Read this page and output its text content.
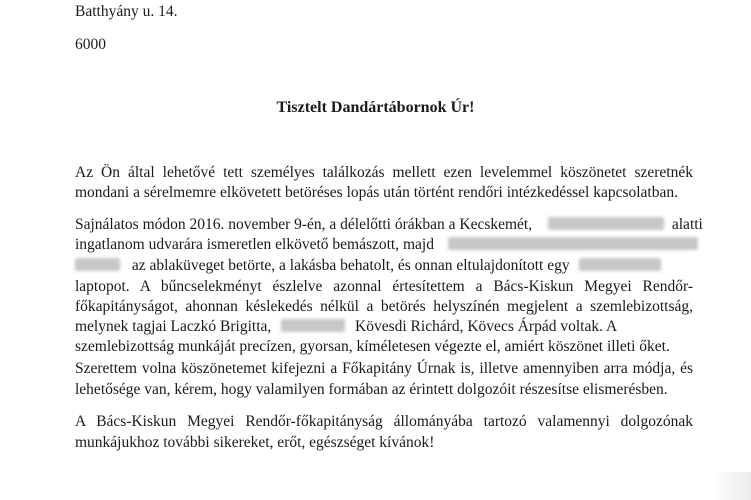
Batthyány u. 14.
6000
Tisztelt Dandártábornok Úr!
Az Ön által lehetővé tett személyes találkozás mellett ezen levelemmel köszönetet szeretnék
mondani a sérelmemre elkövetett betöréses lopás után történt rendőri intézkedéssel kapcsolatban.
Sajnálatos módon 2016. november 9-én, a délelőtti órákban a Kecskemét,	alatti
ingatlanom udvarára ismeretlen elkövető bemászott, majd
az ablaküveget betörte, a lakásba behatolt, és onnan eltulajdonított egy
laptopot. A bűncselekményt észlelve azonnal értesítettem a Bács-Kiskun Megyei Rendőr-
főkapitányságot, ahonnan késlekedés nélkül a betörés helyszínén megjelent a szemlebizottság,
melynek tagjai Laczkó Brigitta,	Kövesdi Richárd, Kövecs Árpád voltak. A
szemlebizottság munkáját precízen, gyorsan, kíméletesen végezte el, amiért köszönet illeti őket.
Szerettem volna köszönetemet kifejezni a Főkapitány Úrnak is, illetve amennyiben arra módja, és
lehetősége van, kérem, hogy valamilyen formában az érintett dolgozóit részesítse elismerésben.
A Bács-Kiskun Megyei Rendőr-főkapitányság állományába tartozó valamennyi dolgozónak
munkájukhoz további sikereket, erőt, egészséget kívánok!
